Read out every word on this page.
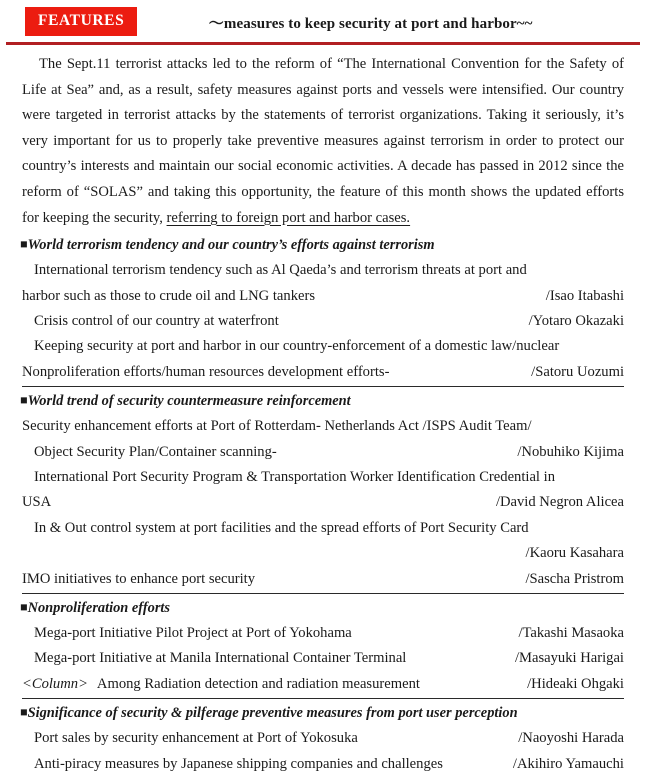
FEATURES	〜measures to keep security at port and harbor~~

The Sept.11 terrorist attacks led to the reform of “The International Convention for the Safety of Life at Sea” and, as a result, safety measures against ports and vessels were intensified. Our country were targeted in terrorist attacks by the statements of terrorist organizations. Taking it seriously, it’s very important for us to properly take preventive measures against terrorism in order to protect our country’s interests and maintain our social economic activities. A decade has passed in 2012 since the reform of “SOLAS” and taking this opportunity, the feature of this month shows the updated efforts for keeping the security, referring to foreign port and harbor cases.

■World terrorism tendency and our country’s efforts against terrorism
International terrorism tendency such as Al Qaeda’s and terrorism threats at port and
harbor such as those to crude oil and LNG tankers	/Isao Itabashi
Crisis control of our country at waterfront	/Yotaro Okazaki
Keeping security at port and harbor in our country-enforcement of a domestic law/nuclear
Nonproliferation efforts/human resources development efforts-	/Satoru Uozumi
■World trend of security countermeasure reinforcement
Security enhancement efforts at Port of Rotterdam- Netherlands Act /ISPS Audit Team/
Object Security Plan/Container scanning-	/Nobuhiko Kijima
International Port Security Program & Transportation Worker Identification Credential in
USA	/David Negron Alicea
In & Out control system at port facilities and the spread efforts of Port Security Card
/Kaoru Kasahara
IMO initiatives to enhance port security	/Sascha Pristrom
■Nonproliferation efforts
Mega-port Initiative Pilot Project at Port of Yokohama	/Takashi Masaoka
Mega-port Initiative at Manila International Container Terminal	/Masayuki Harigai
<Column> Among Radiation detection and radiation measurement	/Hideaki Ohgaki
■Significance of security & pilferage preventive measures from port user perception
Port sales by security enhancement at Port of Yokosuka	/Naoyoshi Harada
Anti-piracy measures by Japanese shipping companies and challenges	/Akihiro Yamauchi
